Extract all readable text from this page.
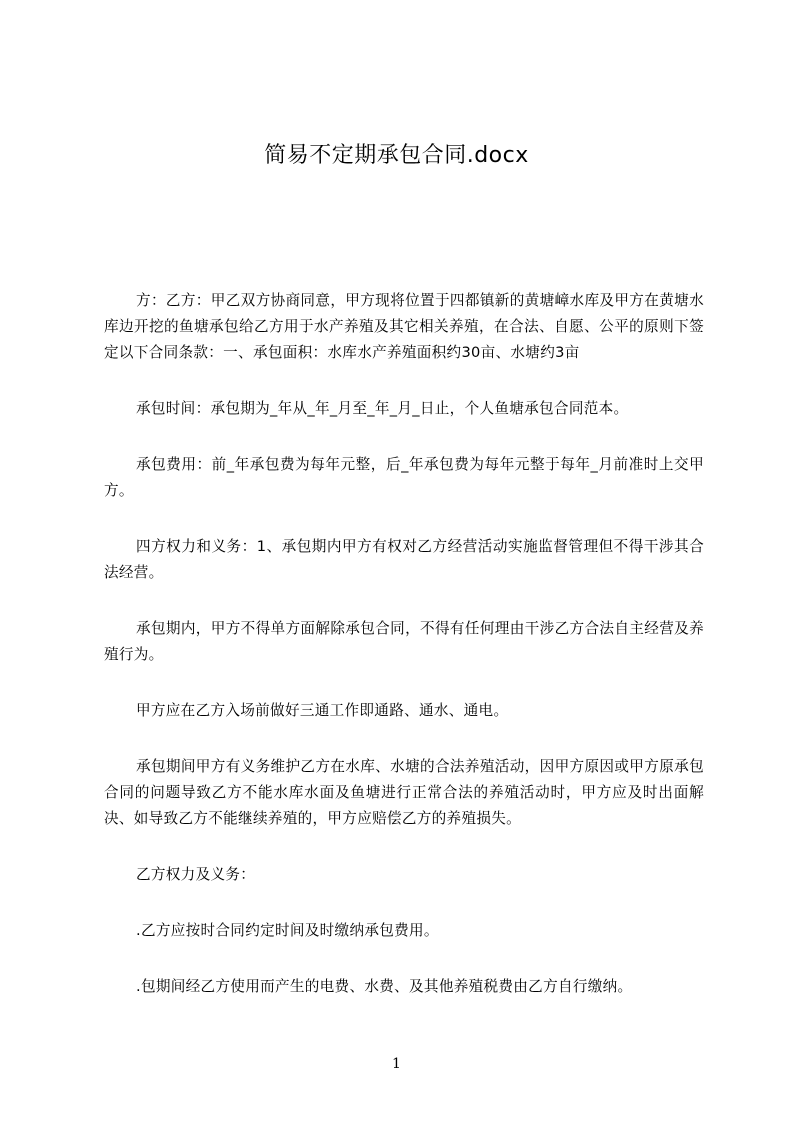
简易不定期承包合同.docx

方：乙方：甲乙双方协商同意，甲方现将位置于四都镇新的黄塘嶂水库及甲方在黄塘水库边开挖的鱼塘承包给乙方用于水产养殖及其它相关养殖，在合法、自愿、公平的原则下签定以下合同条款：一、承包面积：水库水产养殖面积约30亩、水塘约3亩

承包时间：承包期为_年从_年_月至_年_月_日止，个人鱼塘承包合同范本。

承包费用：前_年承包费为每年元整，后_年承包费为每年元整于每年_月前准时上交甲方。

四方权力和义务：1、承包期内甲方有权对乙方经营活动实施监督管理但不得干涉其合法经营。

承包期内，甲方不得单方面解除承包合同，不得有任何理由干涉乙方合法自主经营及养殖行为。

甲方应在乙方入场前做好三通工作即通路、通水、通电。

承包期间甲方有义务维护乙方在水库、水塘的合法养殖活动，因甲方原因或甲方原承包合同的问题导致乙方不能水库水面及鱼塘进行正常合法的养殖活动时，甲方应及时出面解决、如导致乙方不能继续养殖的，甲方应赔偿乙方的养殖损失。

乙方权力及义务：

.乙方应按时合同约定时间及时缴纳承包费用。

.包期间经乙方使用而产生的电费、水费、及其他养殖税费由乙方自行缴纳。

1
